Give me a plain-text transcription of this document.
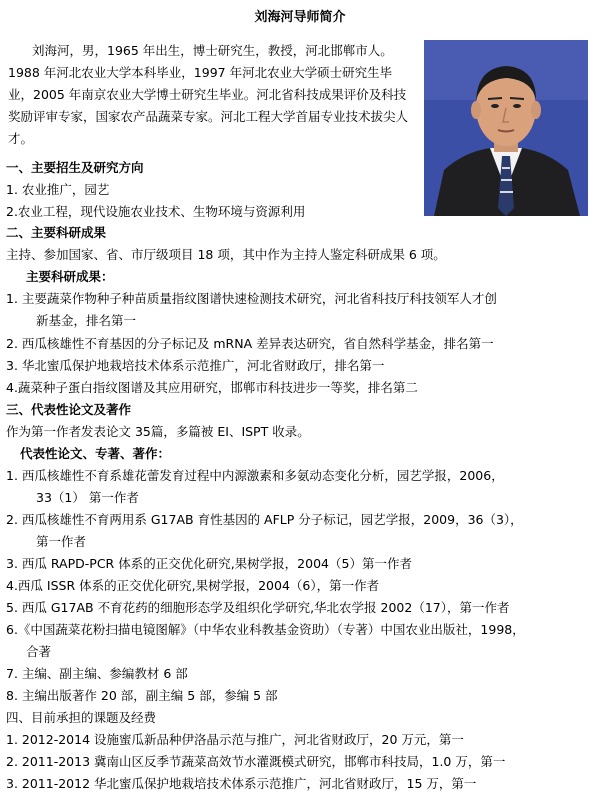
刘海河导师简介
刘海河，男，1965 年出生，博士研究生，教授，河北邯郸市人。1988 年河北农业大学本科毕业，1997 年河北农业大学硕士研究生毕业，2005 年南京农业大学博士研究生毕业。河北省科技成果评价及科技奖励评审专家，国家农产品蔬菜专家。河北工程大学首届专业技术拔尖人才。
一、主要招生及研究方向
1. 农业推广，园艺
2.农业工程，现代设施农业技术、生物环境与资源利用
二、主要科研成果
主持、参加国家、省、市厅级项目 18 项，其中作为主持人鉴定科研成果 6 项。
主要科研成果：
1. 主要蔬菜作物种子种苗质量指纹图谱快速检测技术研究，河北省科技厅科技领军人才创
新基金，排名第一
2. 西瓜核雄性不育基因的分子标记及 mRNA 差异表达研究，省自然科学基金，排名第一
3. 华北蜜瓜保护地栽培技术体系示范推广，河北省财政厅，排名第一
4.蔬菜种子蛋白指纹图谱及其应用研究，邯郸市科技进步一等奖，排名第二
三、代表性论文及著作
作为第一作者发表论文 35篇，多篇被 EI、ISPT 收录。
代表性论文、专著、著作：
1. 西瓜核雄性不育系雄花蕾发育过程中内源激素和多氨动态变化分析，园艺学报，2006，
33（1） 第一作者
2. 西瓜核雄性不育两用系 G17AB 育性基因的 AFLP 分子标记，园艺学报，2009，36（3），
第一作者
3. 西瓜 RAPD-PCR 体系的正交优化研究,果树学报，2004（5）第一作者
4.西瓜 ISSR 体系的正交优化研究,果树学报，2004（6），第一作者
5. 西瓜 G17AB 不育花药的细胞形态学及组织化学研究,华北农学报 2002（17），第一作者
6.《中国蔬菜花粉扫描电镜图解》（中华农业科教基金资助）（专著）中国农业出版社，1998，
合著
7. 主编、副主编、参编教材 6 部
8. 主编出版著作 20 部，副主编 5 部，参编 5 部
四、目前承担的课题及经费
1. 2012-2014 设施蜜瓜新品种伊洛晶示范与推广，河北省财政厅，20 万元，第一
2. 2011-2013 冀南山区反季节蔬菜高效节水灌溉模式研究，邯郸市科技局，1.0 万，第一
3. 2011-2012 华北蜜瓜保护地栽培技术体系示范推广，河北省财政厅，15 万，第一
